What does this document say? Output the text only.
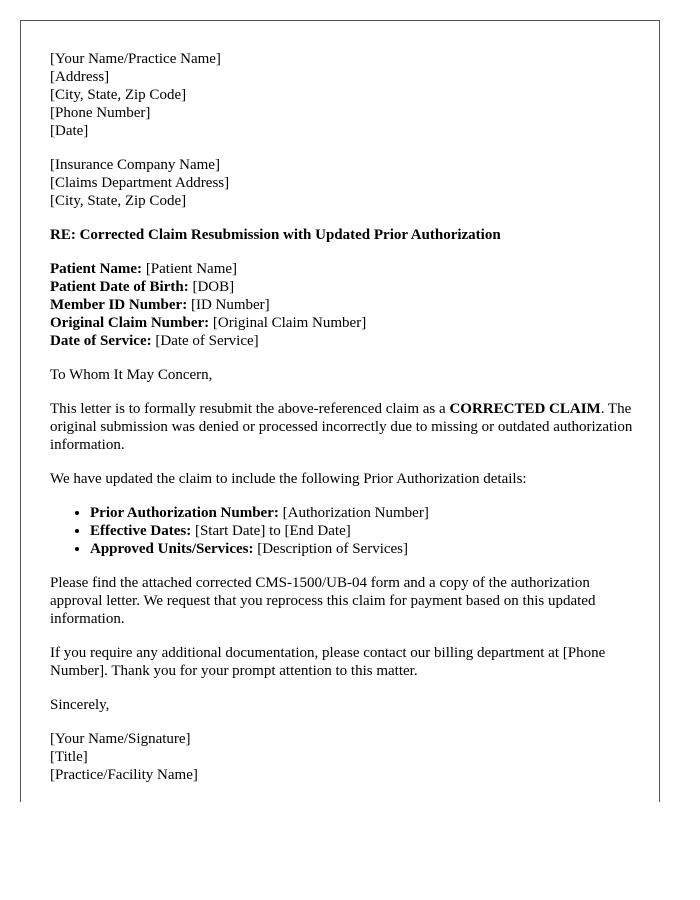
[Your Name/Practice Name]
[Address]
[City, State, Zip Code]
[Phone Number]
[Date]
[Insurance Company Name]
[Claims Department Address]
[City, State, Zip Code]
RE: Corrected Claim Resubmission with Updated Prior Authorization
Patient Name: [Patient Name]
Patient Date of Birth: [DOB]
Member ID Number: [ID Number]
Original Claim Number: [Original Claim Number]
Date of Service: [Date of Service]
To Whom It May Concern,

This letter is to formally resubmit the above-referenced claim as a CORRECTED CLAIM. The original submission was denied or processed incorrectly due to missing or outdated authorization information.

We have updated the claim to include the following Prior Authorization details:

• Prior Authorization Number: [Authorization Number]
• Effective Dates: [Start Date] to [End Date]
• Approved Units/Services: [Description of Services]

Please find the attached corrected CMS-1500/UB-04 form and a copy of the authorization approval letter. We request that you reprocess this claim for payment based on this updated information.

If you require any additional documentation, please contact our billing department at [Phone Number]. Thank you for your prompt attention to this matter.

Sincerely,
[Your Name/Signature]
[Title]
[Practice/Facility Name]
